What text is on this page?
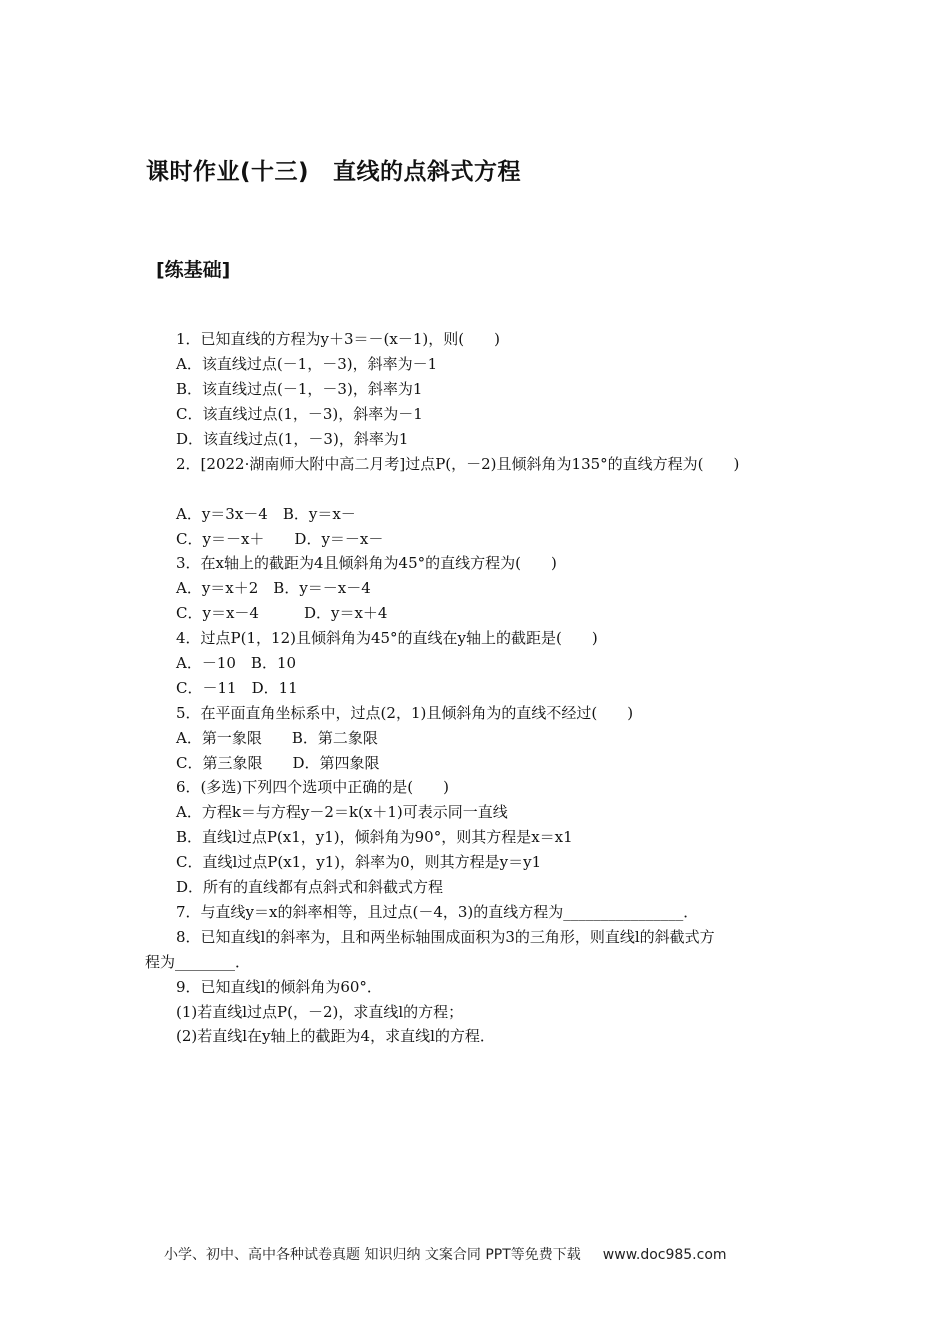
课时作业(十三) 直线的点斜式方程
[练基础]
1．已知直线的方程为y＋3＝－(x－1)，则(　　)
A．该直线过点(－1，－3)，斜率为－1
B．该直线过点(－1，－3)，斜率为1
C．该直线过点(1，－3)，斜率为－1
D．该直线过点(1，－3)，斜率为1
2．[2022·湖南师大附中高二月考]过点P(，－2)且倾斜角为135°的直线方程为(　　)
A．y＝3x－4　B．y＝x－
C．y＝－x＋　　D．y＝－x－
3．在x轴上的截距为4且倾斜角为45°的直线方程为(　　)
A．y＝x＋2　B．y＝－x－4
C．y＝x－4　　　D．y＝x＋4
4．过点P(1，12)且倾斜角为45°的直线在y轴上的截距是(　　)
A．－10　B．10
C．－11　D．11
5．在平面直角坐标系中，过点(2，1)且倾斜角为的直线不经过(　　)
A．第一象限　　B．第二象限
C．第三象限　　D．第四象限
6．(多选)下列四个选项中正确的是(　　)
A．方程k＝与方程y－2＝k(x＋1)可表示同一直线
B．直线l过点P(x1，y1)，倾斜角为90°，则其方程是x＝x1
C．直线l过点P(x1，y1)，斜率为0，则其方程是y＝y1
D．所有的直线都有点斜式和斜截式方程
7．与直线y＝x的斜率相等，且过点(－4，3)的直线方程为________________．
8．已知直线l的斜率为，且和两坐标轴围成面积为3的三角形，则直线l的斜截式方
程为________．
9．已知直线l的倾斜角为60°．
(1)若直线l过点P(，－2)，求直线l的方程；
(2)若直线l在y轴上的截距为4，求直线l的方程．
小学、初中、高中各种试卷真题 知识归纳 文案合同 PPT等免费下载 www.doc985.com
